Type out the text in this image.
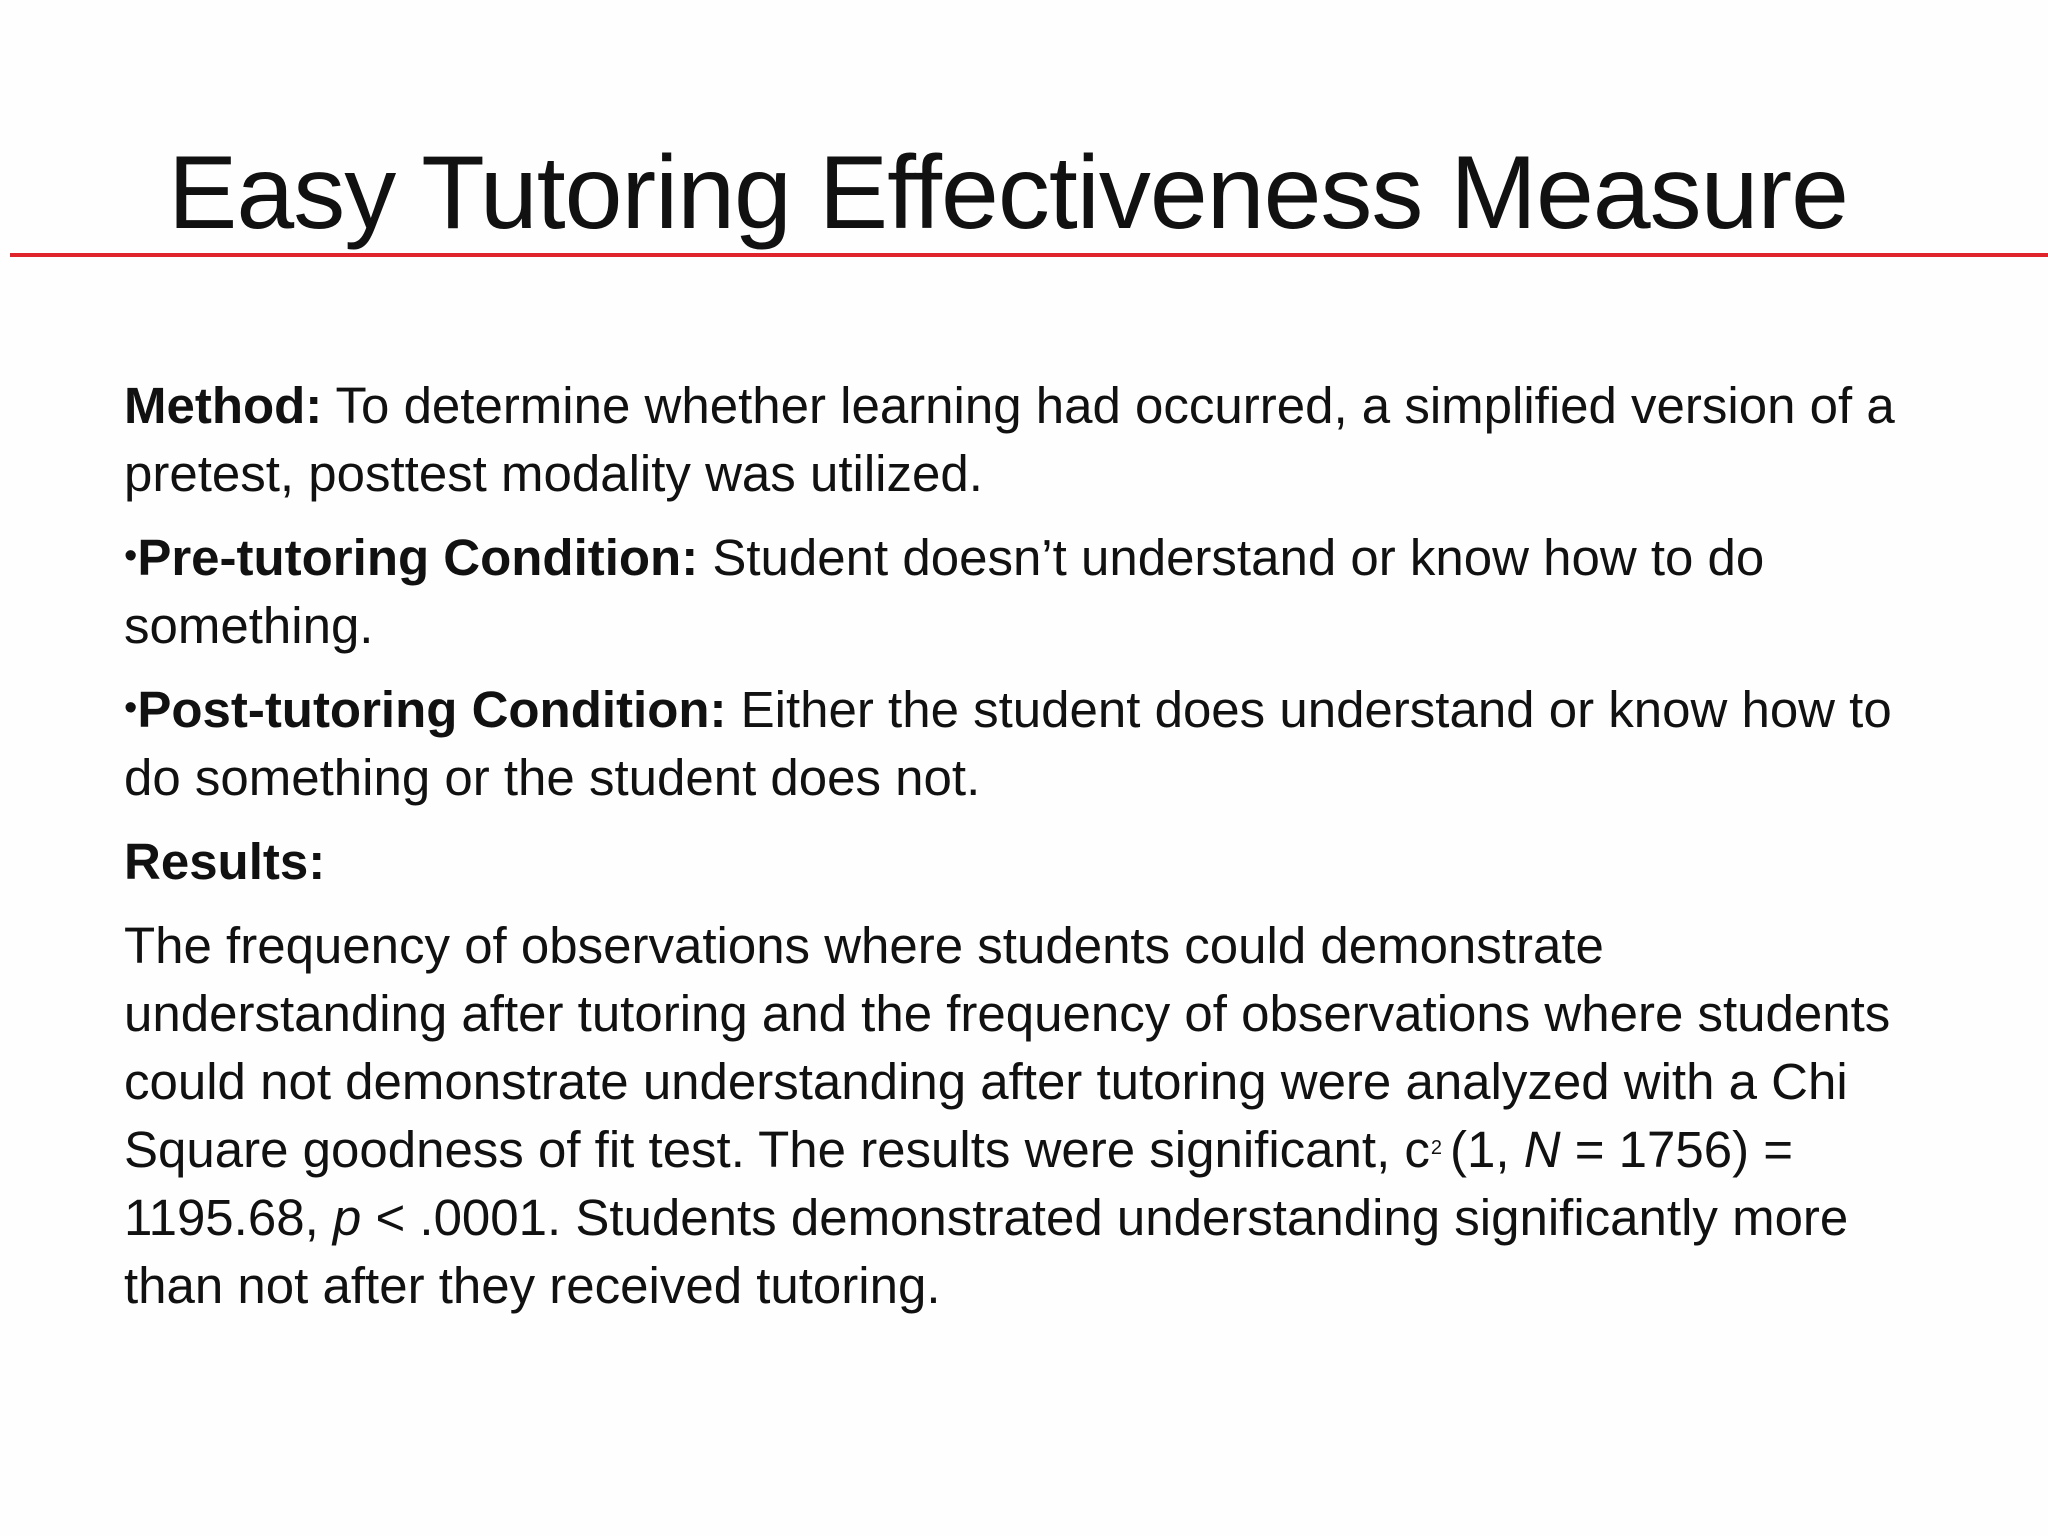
Easy Tutoring Effectiveness Measure

Method: To determine whether learning had occurred, a simplified version of a pretest, posttest modality was utilized.

•Pre-tutoring Condition: Student doesn’t understand or know how to do something.

•Post-tutoring Condition: Either the student does understand or know how to do something or the student does not.

Results:

The frequency of observations where students could demonstrate understanding after tutoring and the frequency of observations where students could not demonstrate understanding after tutoring were analyzed with a Chi Square goodness of fit test. The results were significant, $c^2$ (1, N = 1756) = 1195.68, p < .0001. Students demonstrated understanding significantly more than not after they received tutoring.
